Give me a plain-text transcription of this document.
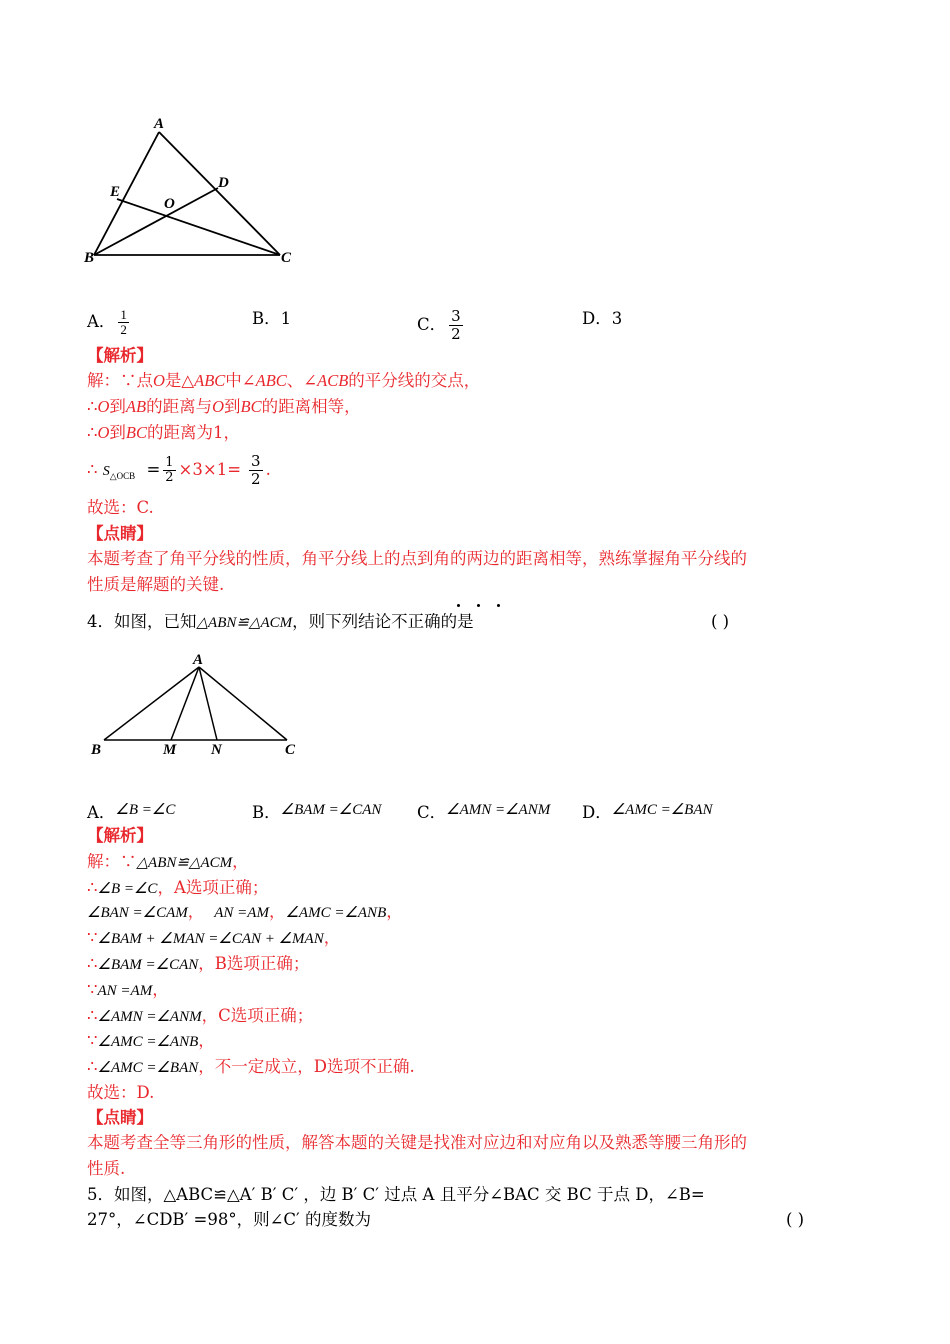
A
B	C
D
E
O
A． $\frac{1}{2}$	B．1	C． $\frac{3}{2}$	D．3
【解析】
解：∵点O是△ABC中∠ABC、∠ACB的平分线的交点，
∴O到AB的距离与O到BC的距离相等，
∴O到BC的距离为1，
∴ $S_{\triangle OCB} = \frac{1}{2} \times 3\times 1= \frac{3}{2}$ .
故选：C.
【点睛】
本题考查了角平分线的性质，角平分线上的点到角的两边的距离相等，熟练掌握角平分线的
性质是解题的关键.
4．如图，已知△ABN≌△ACM，则下列结论不正确的是	( )
A
B	M N	C
A．∠B =∠C	B．∠BAM =∠CAN C．∠AMN =∠ANM D．∠AMC =∠BAN
【解析】
解：∵△ABN≌△ACM，
∴∠B =∠C，A选项正确；
∠BAN =∠CAM， AN =AM，∠AMC =∠ANB，
∵∠BAM + ∠MAN =∠CAN + ∠MAN，
∴∠BAM =∠CAN，B选项正确；
∵AN =AM，
∴∠AMN =∠ANM，C选项正确；
∵∠AMC =∠ANB，
∴∠AMC =∠BAN，不一定成立，D选项不正确.
故选：D.
【点睛】
本题考查全等三角形的性质，解答本题的关键是找准对应边和对应角以及熟悉等腰三角形的
性质.
5．如图，△ABC≌△A′ B′ C′ ，边 B′ C′ 过点 A 且平分∠BAC 交 BC 于点 D，∠B=
27°，∠CDB′ =98°，则∠C′ 的度数为	( )
